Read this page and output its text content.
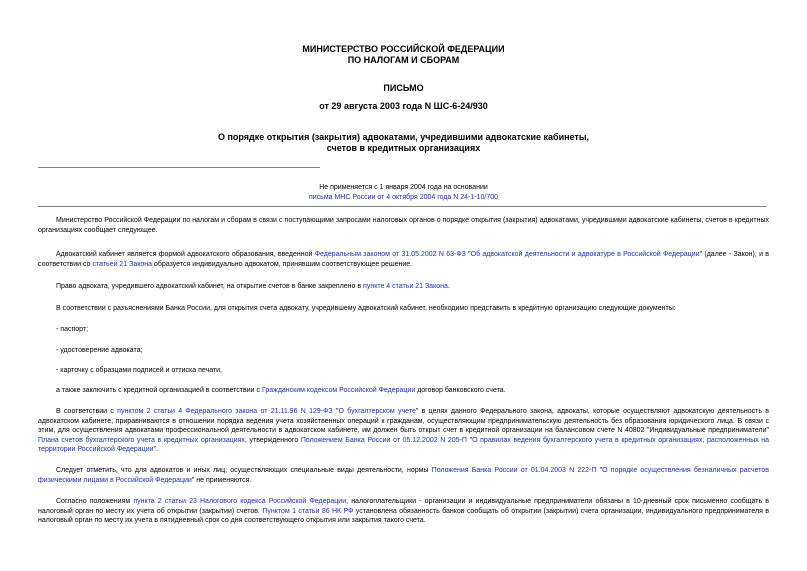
МИНИСТЕРСТВО РОССИЙСКОЙ ФЕДЕРАЦИИ
ПО НАЛОГАМ И СБОРАМ
ПИСЬМО
от 29 августа 2003 года N ШС-6-24/930
О порядке открытия (закрытия) адвокатами, учредившими адвокатские кабинеты,
счетов в кредитных организациях
Не применяется с 1 января 2004 года на основании
письма МНС России от 4 октября 2004 года N 24-1-10/700
Министерство Российской Федерации по налогам и сборам в связи с поступающими запросами налоговых органов о порядке открытия (закрытия) адвокатами, учредившими адвокатские кабинеты, счетов в кредитных организациях сообщает следующее.
Адвокатский кабинет является формой адвокатского образования, введенной Федеральным законом от 31.05.2002 N 63-ФЗ "Об адвокатской деятельности и адвокатуре в Российской Федерации" (далее - Закон), и в соответствии со статьей 21 Закона образуется индивидуально адвокатом, принявшим соответствующее решение.
Право адвоката, учредившего адвокатский кабинет, на открытие счетов в банке закреплено в пункте 4 статьи 21 Закона.
В соответствии с разъяснениями Банка России, для открытия счета адвокату, учредившему адвокатский кабинет, необходимо представить в кредитную организацию следующие документы:
- паспорт;
- удостоверение адвоката;
- карточку с образцами подписей и оттиска печати,
а также заключить с кредитной организацией в соответствии с Гражданским кодексом Российской Федерации договор банковского счета.
В соответствии с пунктом 2 статьи 4 Федерального закона от 21.11.96 N 129-ФЗ "О бухгалтерском учете" в целях данного Федерального закона, адвокаты, которые осуществляют адвокатскую деятельность в адвокатском кабинете, приравниваются в отношении порядка ведения учета хозяйственных операций к гражданам, осуществляющим предпринимательскую деятельность без образования юридического лица. В связи с этим, для осуществления адвокатами профессиональной деятельности в адвокатском кабинете, им должен быть открыт счет в кредитной организации на балансовом счете N 40802 "Индивидуальные предприниматели" Плана счетов бухгалтерского учета в кредитных организациях, утвержденного Положением Банка России от 05.12.2002 N 205-П "О правилах ведения бухгалтерского учета в кредитных организациях, расположенных на территории Российской Федерации".
Следует отметить, что для адвокатов и иных лиц, осуществляющих специальные виды деятельности, нормы Положения Банка России от 01.04.2003 N 222-П "О порядке осуществления безналичных расчетов физическими лицами в Российской Федерации" не применяются.
Согласно положениям пункта 2 статьи 23 Налогового кодекса Российской Федерации, налогоплательщики - организации и индивидуальные предприниматели обязаны в 10-дневный срок письменно сообщать в налоговый орган по месту их учета об открытии (закрытии) счетов. Пунктом 1 статьи 86 НК РФ установлена обязанность банков сообщать об открытии (закрытии) счета организации, индивидуального предпринимателя в налоговый орган по месту их учета в пятидневный срок со дня соответствующего открытия или закрытия такого счета.
